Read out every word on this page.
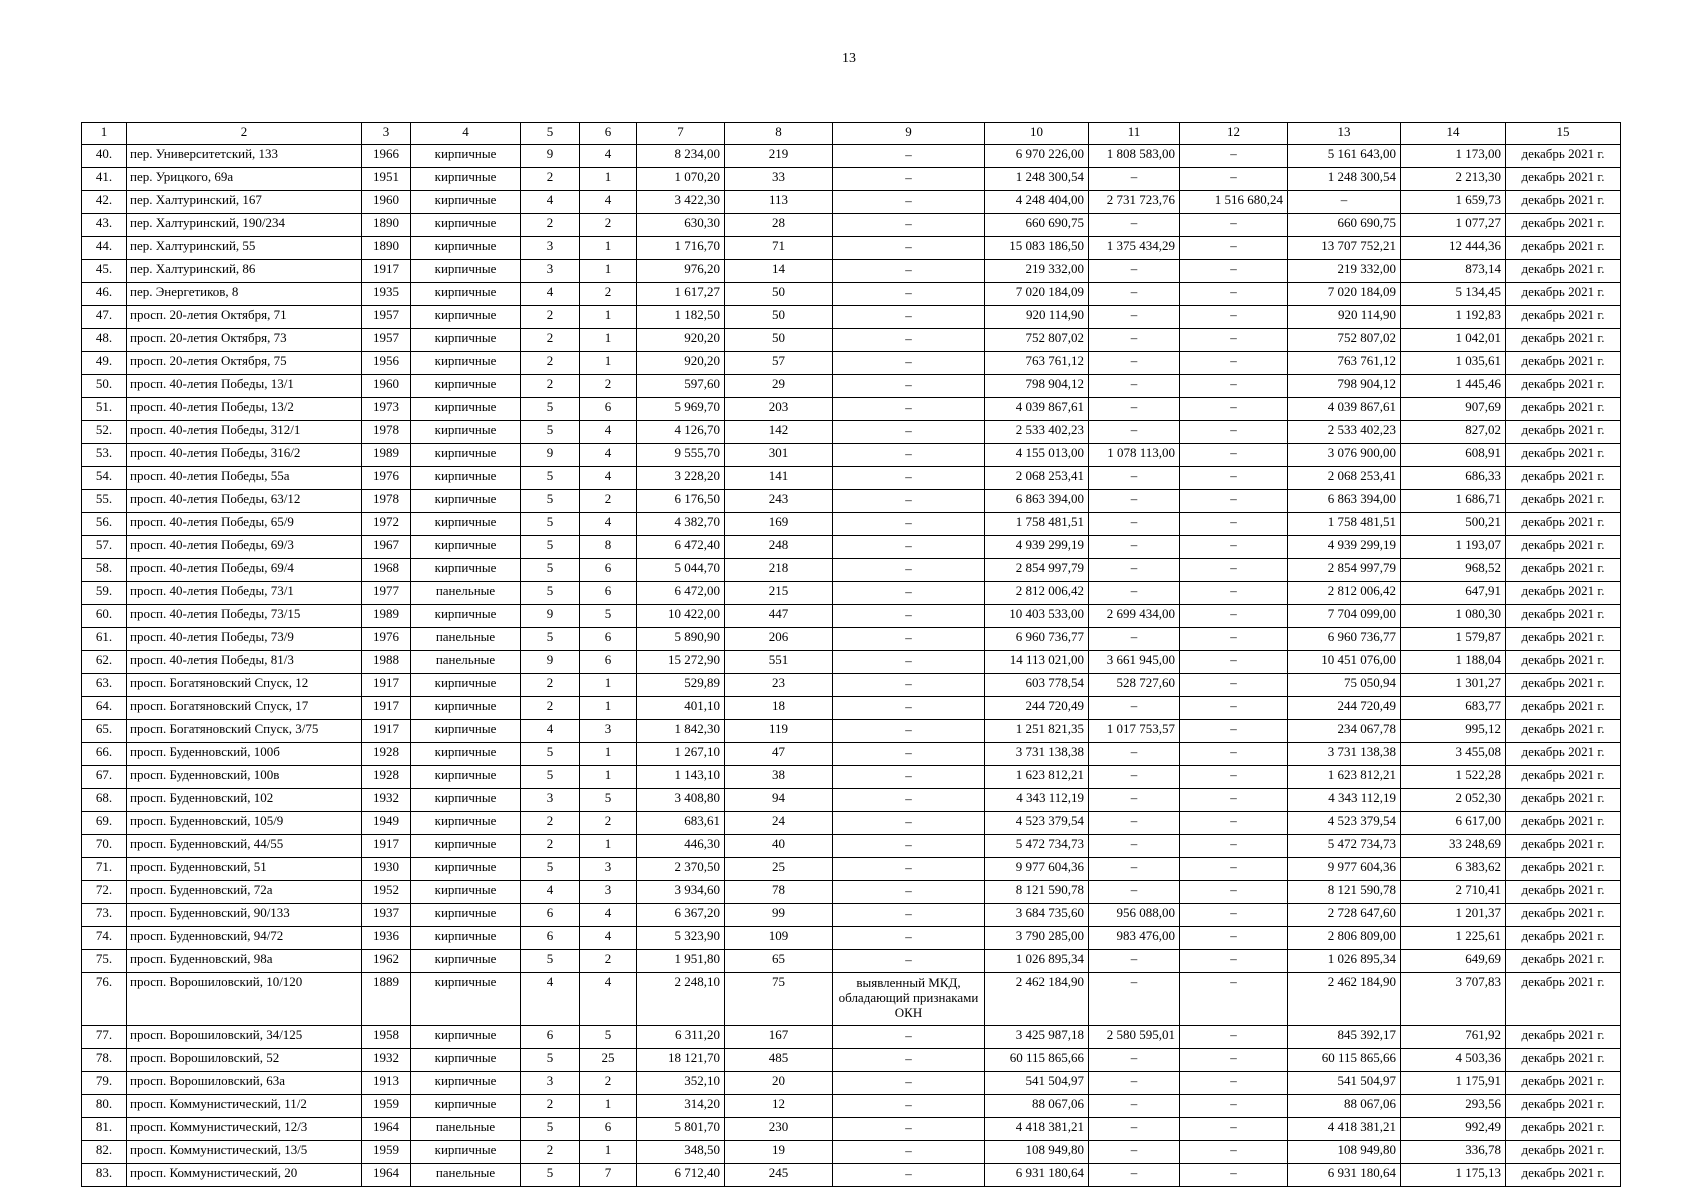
13
1	2	3	4	5	6	7	8	9	10	11	12	13	14	15
40.	пер. Университетский, 133	1966	кирпичные	9	4	8 234,00	219	–	6 970 226,00	1 808 583,00	–	5 161 643,00	1 173,00	декабрь 2021 г.
41.	пер. Урицкого, 69а	1951	кирпичные	2	1	1 070,20	33	–	1 248 300,54	–	–	1 248 300,54	2 213,30	декабрь 2021 г.
42.	пер. Халтуринский, 167	1960	кирпичные	4	4	3 422,30	113	–	4 248 404,00	2 731 723,76	1 516 680,24	–	1 659,73	декабрь 2021 г.
43.	пер. Халтуринский, 190/234	1890	кирпичные	2	2	630,30	28	–	660 690,75	–	–	660 690,75	1 077,27	декабрь 2021 г.
44.	пер. Халтуринский, 55	1890	кирпичные	3	1	1 716,70	71	–	15 083 186,50	1 375 434,29	–	13 707 752,21	12 444,36	декабрь 2021 г.
45.	пер. Халтуринский, 86	1917	кирпичные	3	1	976,20	14	–	219 332,00	–	–	219 332,00	873,14	декабрь 2021 г.
46.	пер. Энергетиков, 8	1935	кирпичные	4	2	1 617,27	50	–	7 020 184,09	–	–	7 020 184,09	5 134,45	декабрь 2021 г.
47.	просп. 20-летия Октября, 71	1957	кирпичные	2	1	1 182,50	50	–	920 114,90	–	–	920 114,90	1 192,83	декабрь 2021 г.
48.	просп. 20-летия Октября, 73	1957	кирпичные	2	1	920,20	50	–	752 807,02	–	–	752 807,02	1 042,01	декабрь 2021 г.
49.	просп. 20-летия Октября, 75	1956	кирпичные	2	1	920,20	57	–	763 761,12	–	–	763 761,12	1 035,61	декабрь 2021 г.
50.	просп. 40-летия Победы, 13/1	1960	кирпичные	2	2	597,60	29	–	798 904,12	–	–	798 904,12	1 445,46	декабрь 2021 г.
51.	просп. 40-летия Победы, 13/2	1973	кирпичные	5	6	5 969,70	203	–	4 039 867,61	–	–	4 039 867,61	907,69	декабрь 2021 г.
52.	просп. 40-летия Победы, 312/1	1978	кирпичные	5	4	4 126,70	142	–	2 533 402,23	–	–	2 533 402,23	827,02	декабрь 2021 г.
53.	просп. 40-летия Победы, 316/2	1989	кирпичные	9	4	9 555,70	301	–	4 155 013,00	1 078 113,00	–	3 076 900,00	608,91	декабрь 2021 г.
54.	просп. 40-летия Победы, 55а	1976	кирпичные	5	4	3 228,20	141	–	2 068 253,41	–	–	2 068 253,41	686,33	декабрь 2021 г.
55.	просп. 40-летия Победы, 63/12	1978	кирпичные	5	2	6 176,50	243	–	6 863 394,00	–	–	6 863 394,00	1 686,71	декабрь 2021 г.
56.	просп. 40-летия Победы, 65/9	1972	кирпичные	5	4	4 382,70	169	–	1 758 481,51	–	–	1 758 481,51	500,21	декабрь 2021 г.
57.	просп. 40-летия Победы, 69/3	1967	кирпичные	5	8	6 472,40	248	–	4 939 299,19	–	–	4 939 299,19	1 193,07	декабрь 2021 г.
58.	просп. 40-летия Победы, 69/4	1968	кирпичные	5	6	5 044,70	218	–	2 854 997,79	–	–	2 854 997,79	968,52	декабрь 2021 г.
59.	просп. 40-летия Победы, 73/1	1977	панельные	5	6	6 472,00	215	–	2 812 006,42	–	–	2 812 006,42	647,91	декабрь 2021 г.
60.	просп. 40-летия Победы, 73/15	1989	кирпичные	9	5	10 422,00	447	–	10 403 533,00	2 699 434,00	–	7 704 099,00	1 080,30	декабрь 2021 г.
61.	просп. 40-летия Победы, 73/9	1976	панельные	5	6	5 890,90	206	–	6 960 736,77	–	–	6 960 736,77	1 579,87	декабрь 2021 г.
62.	просп. 40-летия Победы, 81/3	1988	панельные	9	6	15 272,90	551	–	14 113 021,00	3 661 945,00	–	10 451 076,00	1 188,04	декабрь 2021 г.
63.	просп. Богатяновский Спуск, 12	1917	кирпичные	2	1	529,89	23	–	603 778,54	528 727,60	–	75 050,94	1 301,27	декабрь 2021 г.
64.	просп. Богатяновский Спуск, 17	1917	кирпичные	2	1	401,10	18	–	244 720,49	–	–	244 720,49	683,77	декабрь 2021 г.
65.	просп. Богатяновский Спуск, 3/75	1917	кирпичные	4	3	1 842,30	119	–	1 251 821,35	1 017 753,57	–	234 067,78	995,12	декабрь 2021 г.
66.	просп. Буденновский, 100б	1928	кирпичные	5	1	1 267,10	47	–	3 731 138,38	–	–	3 731 138,38	3 455,08	декабрь 2021 г.
67.	просп. Буденновский, 100в	1928	кирпичные	5	1	1 143,10	38	–	1 623 812,21	–	–	1 623 812,21	1 522,28	декабрь 2021 г.
68.	просп. Буденновский, 102	1932	кирпичные	3	5	3 408,80	94	–	4 343 112,19	–	–	4 343 112,19	2 052,30	декабрь 2021 г.
69.	просп. Буденновский, 105/9	1949	кирпичные	2	2	683,61	24	–	4 523 379,54	–	–	4 523 379,54	6 617,00	декабрь 2021 г.
70.	просп. Буденновский, 44/55	1917	кирпичные	2	1	446,30	40	–	5 472 734,73	–	–	5 472 734,73	33 248,69	декабрь 2021 г.
71.	просп. Буденновский, 51	1930	кирпичные	5	3	2 370,50	25	–	9 977 604,36	–	–	9 977 604,36	6 383,62	декабрь 2021 г.
72.	просп. Буденновский, 72а	1952	кирпичные	4	3	3 934,60	78	–	8 121 590,78	–	–	8 121 590,78	2 710,41	декабрь 2021 г.
73.	просп. Буденновский, 90/133	1937	кирпичные	6	4	6 367,20	99	–	3 684 735,60	956 088,00	–	2 728 647,60	1 201,37	декабрь 2021 г.
74.	просп. Буденновский, 94/72	1936	кирпичные	6	4	5 323,90	109	–	3 790 285,00	983 476,00	–	2 806 809,00	1 225,61	декабрь 2021 г.
75.	просп. Буденновский, 98а	1962	кирпичные	5	2	1 951,80	65	–	1 026 895,34	–	–	1 026 895,34	649,69	декабрь 2021 г.
76.	просп. Ворошиловский, 10/120	1889	кирпичные	4	4	2 248,10	75	выявленный МКД, обладающий признаками ОКН	2 462 184,90	–	–	2 462 184,90	3 707,83	декабрь 2021 г.
77.	просп. Ворошиловский, 34/125	1958	кирпичные	6	5	6 311,20	167	–	3 425 987,18	2 580 595,01	–	845 392,17	761,92	декабрь 2021 г.
78.	просп. Ворошиловский, 52	1932	кирпичные	5	25	18 121,70	485	–	60 115 865,66	–	–	60 115 865,66	4 503,36	декабрь 2021 г.
79.	просп. Ворошиловский, 63а	1913	кирпичные	3	2	352,10	20	–	541 504,97	–	–	541 504,97	1 175,91	декабрь 2021 г.
80.	просп. Коммунистический, 11/2	1959	кирпичные	2	1	314,20	12	–	88 067,06	–	–	88 067,06	293,56	декабрь 2021 г.
81.	просп. Коммунистический, 12/3	1964	панельные	5	6	5 801,70	230	–	4 418 381,21	–	–	4 418 381,21	992,49	декабрь 2021 г.
82.	просп. Коммунистический, 13/5	1959	кирпичные	2	1	348,50	19	–	108 949,80	–	–	108 949,80	336,78	декабрь 2021 г.
83.	просп. Коммунистический, 20	1964	панельные	5	7	6 712,40	245	–	6 931 180,64	–	–	6 931 180,64	1 175,13	декабрь 2021 г.
